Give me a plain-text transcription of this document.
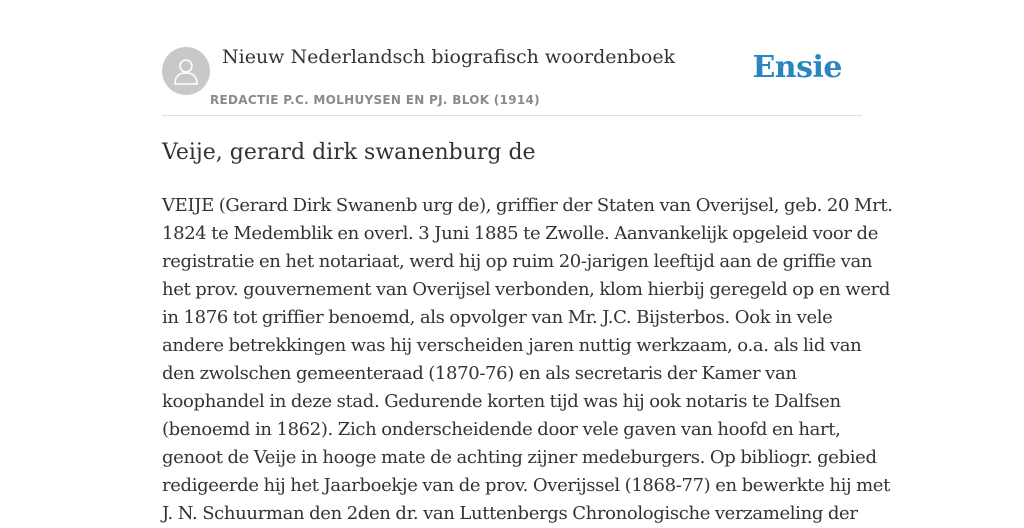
Nieuw Nederlandsch biografisch woordenboek
REDACTIE P.C. MOLHUYSEN EN PJ. BLOK (1914)
Ensie
Veije, gerard dirk swanenburg de
VEIJE (Gerard Dirk Swanenb urg de), griffier der Staten van Overijsel, geb. 20 Mrt.
1824 te Medemblik en overl. 3 Juni 1885 te Zwolle. Aanvankelijk opgeleid voor de
registratie en het notariaat, werd hij op ruim 20-jarigen leeftijd aan de griffie van
het prov. gouvernement van Overijsel verbonden, klom hierbij geregeld op en werd
in 1876 tot griffier benoemd, als opvolger van Mr. J.C. Bijsterbos. Ook in vele
andere betrekkingen was hij verscheiden jaren nuttig werkzaam, o.a. als lid van
den zwolschen gemeenteraad (1870-76) en als secretaris der Kamer van
koophandel in deze stad. Gedurende korten tijd was hij ook notaris te Dalfsen
(benoemd in 1862). Zich onderscheidende door vele gaven van hoofd en hart,
genoot de Veije in hooge mate de achting zijner medeburgers. Op bibliogr. gebied
redigeerde hij het Jaarboekje van de prov. Overijssel (1868-77) en bewerkte hij met
J. N. Schuurman den 2den dr. van Luttenbergs Chronologische verzameling der
